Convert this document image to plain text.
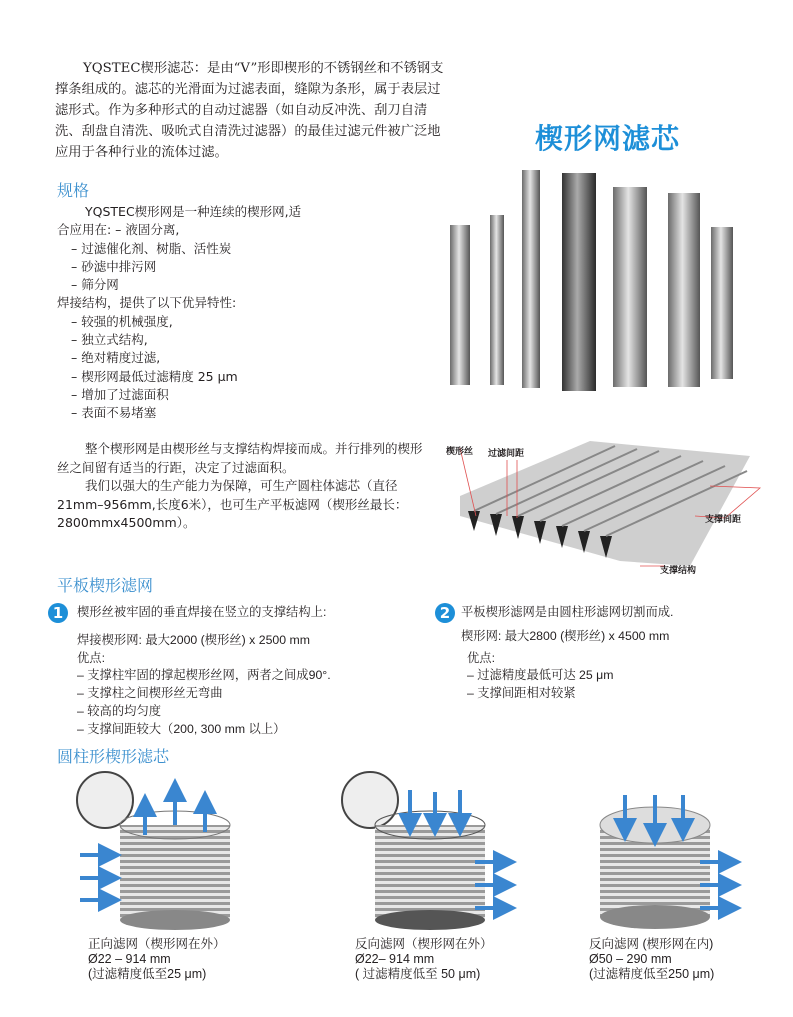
YQSTEC楔形滤芯：是由“V”形即楔形的不锈钢丝和不锈钢支撑条组成的。滤芯的光滑面为过滤表面，缝隙为条形，属于表层过滤形式。作为多种形式的自动过滤器（如自动反冲洗、刮刀自清洗、刮盘自清洗、吸吮式自清洗过滤器）的最佳过滤元件被广泛地应用于各种行业的流体过滤。	楔形网滤芯
规格
YQSTEC楔形网是一种连续的楔形网,适
合应用在: – 液固分离,
– 过滤催化剂、树脂、活性炭
– 砂滤中排污网
– 筛分网
焊接结构，提供了以下优异特性:
– 较强的机械强度,
– 独立式结构,
– 绝对精度过滤,
– 楔形网最低过滤精度 25 μm
– 增加了过滤面积
– 表面不易堵塞

整个楔形网是由楔形丝与支撑结构焊接而成。并行排列的楔形丝之间留有适当的行距，决定了过滤面积。

我们以强大的生产能力为保障，可生产圆柱体滤芯（直径21mm–956mm,长度6米），也可生产平板滤网（楔形丝最长：2800mmx4500mm）。

楔形丝 过滤间距
支撑间距
支撑结构
平板楔形滤网
1	楔形丝被牢固的垂直焊接在竖立的支撑结构上:
焊接楔形网: 最大2000 (楔形丝) x 2500 mm
优点:
– 支撑柱牢固的撑起楔形丝网，两者之间成90°.
– 支撑柱之间楔形丝无弯曲
– 较高的均匀度
– 支撑间距较大（200, 300 mm 以上）
2 平板楔形滤网是由圆柱形滤网切割而成.
楔形网: 最大2800 (楔形丝) x 4500 mm
优点:
– 过滤精度最低可达 25 μm
– 支撑间距相对较紧
圆柱形楔形滤芯
正向滤网（楔形网在外）
Ø22 – 914 mm
(过滤精度低至25 μm)
反向滤网（楔形网在外）
Ø22– 914 mm
( 过滤精度低至 50 μm)
反向滤网 (楔形网在内)
Ø50 – 290 mm
(过滤精度低至250 μm)
